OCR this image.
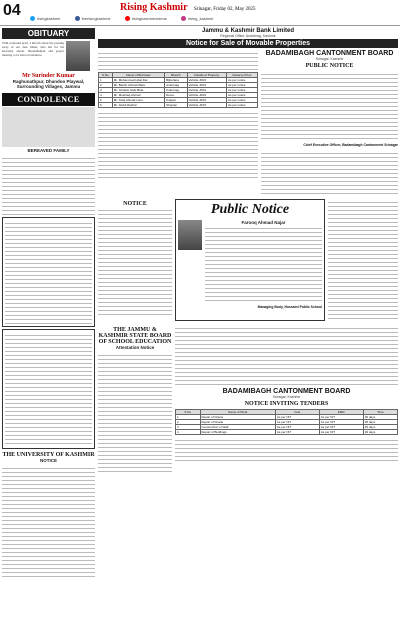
04	Rising Kashmir Srinagar, Friday 02, May 2025
risingkashmir	therisingkashmir	risingkashmirvideos	rising_kashmir
OBITUARY
With profound grief, I inform about the passing away of our dear father, who left for his heavenly abode. Shraddhanjali and prayer meeting to be held at residence.
Mr Surinder Kumar
Raghunathpur, Dhandoo Playwal, Surrounding Villages, Jammu
CONDOLENCE
BEREAVED FAMILY
THE UNIVERSITY OF KASHMIR
NOTICE
Jammu & Kashmir Bank Limited
Regional Office: Anantnag, Kashmir
Notice for Sale of Movable Properties
S.No	Name of Borrower	Branch	Details of Property	Reserve Price
1	Mr. Mohammad Iqbal Dar	Bijbehara	Vehicle JK03	As per notice
2	Mr. Bashir Ahmad Wani	Anantnag	Vehicle JK03	As per notice
3	Mr. Ghulam Nabi Bhat	Kokernag	Vehicle JK03	As per notice
4	Mr. Mushtaq Ahmad	Dooru	Vehicle JK03	As per notice
5	Mr. Tariq Ahmad Lone	Kulgam	Vehicle JK03	As per notice
6	Mr. Abdul Rashid	Shopian	Vehicle JK03	As per notice
BADAMIBAGH CANTONMENT BOARD
Srinagar, Kashmir
PUBLIC NOTICE
Chief Executive Officer, Badamibagh Cantonment Srinagar
NOTICE	Public Notice
Farooq Ahmad Najar
Managing Body, Hussaini Public School
THE JAMMU & KASHMIR STATE BOARD OF SCHOOL EDUCATION
Attestation Notice
BADAMIBAGH CANTONMENT BOARD
Srinagar, Kashmir
NOTICE INVITING TENDERS
S.No	Name of Work	Cost	EMD	Time
1	Repair of Drains	As per NIT	As per NIT	30 days
2	Repair of Roads	As per NIT	As per NIT	30 days
3	Construction of Wall	As per NIT	As per NIT	45 days
4	Repair of Buildings	As per NIT	As per NIT	30 days
